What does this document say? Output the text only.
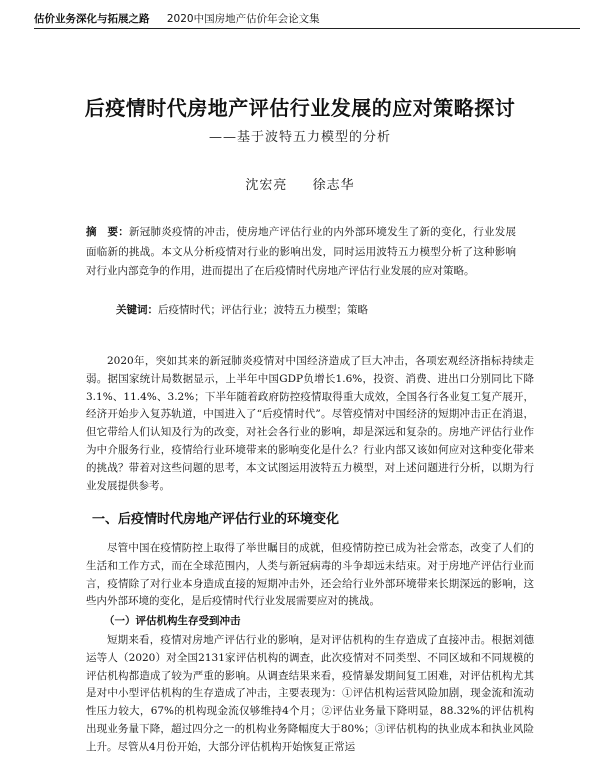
估价业务深化与拓展之路 2020中国房地产估价年会论文集
后疫情时代房地产评估行业发展的应对策略探讨
——基于波特五力模型的分析
沈宏亮 徐志华
摘　要：新冠肺炎疫情的冲击，使房地产评估行业的内外部环境发生了新的变化，行业发展面临新的挑战。本文从分析疫情对行业的影响出发，同时运用波特五力模型分析了这种影响对行业内部竞争的作用，进而提出了在后疫情时代房地产评估行业发展的应对策略。
关键词：后疫情时代；评估行业；波特五力模型；策略
2020年，突如其来的新冠肺炎疫情对中国经济造成了巨大冲击，各项宏观经济指标持续走弱。据国家统计局数据显示，上半年中国GDP负增长1.6%，投资、消费、进出口分别同比下降3.1%、11.4%、3.2%；下半年随着政府防控疫情取得重大成效，全国各行各业复工复产展开，经济开始步入复苏轨道，中国进入了“后疫情时代”。尽管疫情对中国经济的短期冲击正在消退，但它带给人们认知及行为的改变，对社会各行业的影响，却是深远和复杂的。房地产评估行业作为中介服务行业，疫情给行业环境带来的影响变化是什么？行业内部又该如何应对这种变化带来的挑战？带着对这些问题的思考，本文试图运用波特五力模型，对上述问题进行分析，以期为行业发展提供参考。
一、后疫情时代房地产评估行业的环境变化
尽管中国在疫情防控上取得了举世瞩目的成就，但疫情防控已成为社会常态，改变了人们的生活和工作方式，而在全球范围内，人类与新冠病毒的斗争却远未结束。对于房地产评估行业而言，疫情除了对行业本身造成直接的短期冲击外，还会给行业外部环境带来长期深远的影响，这些内外部环境的变化，是后疫情时代行业发展需要应对的挑战。
（一）评估机构生存受到冲击
短期来看，疫情对房地产评估行业的影响，是对评估机构的生存造成了直接冲击。根据刘德运等人（2020）对全国2131家评估机构的调查，此次疫情对不同类型、不同区域和不同规模的评估机构都造成了较为严重的影响。从调查结果来看，疫情暴发期间复工困难，对评估机构尤其是对中小型评估机构的生存造成了冲击，主要表现为：①评估机构运营风险加剧，现金流和流动性压力较大，67%的机构现金流仅够维持4个月；②评估业务量下降明显，88.32%的评估机构出现业务量下降，超过四分之一的机构业务降幅度大于80%；③评估机构的执业成本和执业风险上升。尽管从4月份开始，大部分评估机构开始恢复正常运
